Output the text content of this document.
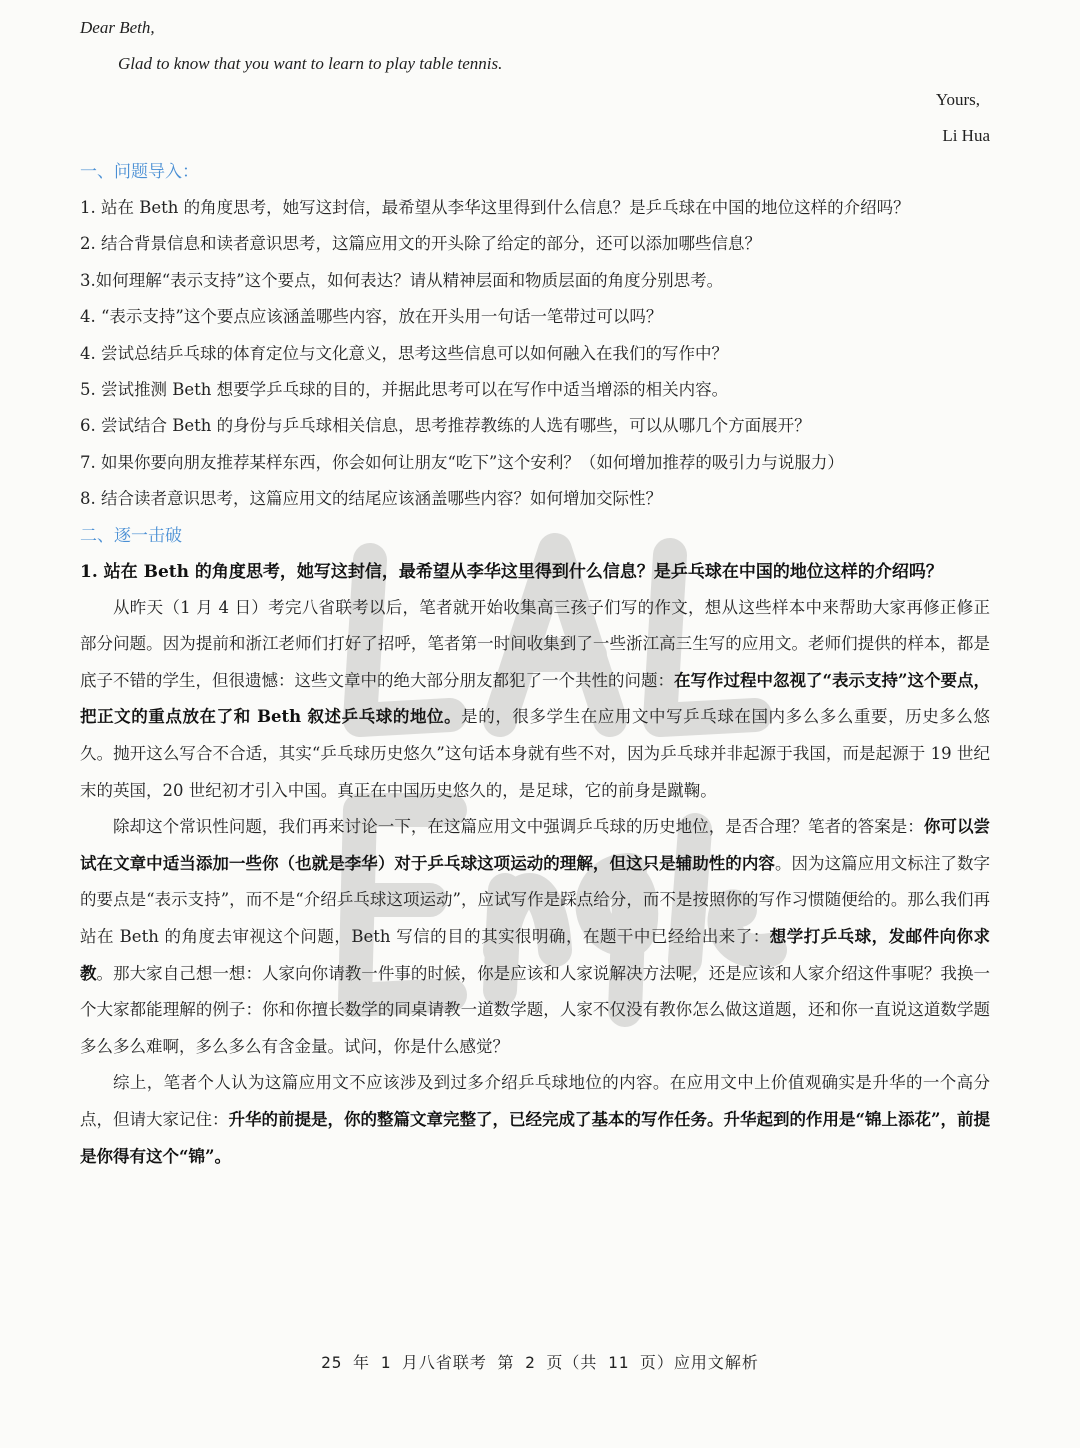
Dear Beth,
Glad to know that you want to learn to play table tennis.
Yours,
Li Hua
一、问题导入：
1. 站在 Beth 的角度思考，她写这封信，最希望从李华这里得到什么信息？是乒乓球在中国的地位这样的介绍吗？
2. 结合背景信息和读者意识思考，这篇应用文的开头除了给定的部分，还可以添加哪些信息？
3.如何理解“表示支持”这个要点，如何表达？请从精神层面和物质层面的角度分别思考。
4. “表示支持”这个要点应该涵盖哪些内容，放在开头用一句话一笔带过可以吗？
4. 尝试总结乒乓球的体育定位与文化意义，思考这些信息可以如何融入在我们的写作中？
5. 尝试推测 Beth 想要学乒乓球的目的，并据此思考可以在写作中适当增添的相关内容。
6. 尝试结合 Beth 的身份与乒乓球相关信息，思考推荐教练的人选有哪些，可以从哪几个方面展开？
7. 如果你要向朋友推荐某样东西，你会如何让朋友“吃下”这个安利？（如何增加推荐的吸引力与说服力）
8. 结合读者意识思考，这篇应用文的结尾应该涵盖哪些内容？如何增加交际性？
二、逐一击破
1. 站在 Beth 的角度思考，她写这封信，最希望从李华这里得到什么信息？是乒乓球在中国的地位这样的介绍吗？
从昨天（1 月 4 日）考完八省联考以后，笔者就开始收集高三孩子们写的作文，想从这些样本中来帮助大家再修正修正部分问题。因为提前和浙江老师们打好了招呼，笔者第一时间收集到了一些浙江高三生写的应用文。老师们提供的样本，都是底子不错的学生，但很遗憾：这些文章中的绝大部分朋友都犯了一个共性的问题：在写作过程中忽视了“表示支持”这个要点，把正文的重点放在了和 Beth 叙述乒乓球的地位。是的，很多学生在应用文中写乒乓球在国内多么多么重要，历史多么悠久。抛开这么写合不合适，其实“乒乓球历史悠久”这句话本身就有些不对，因为乒乓球并非起源于我国，而是起源于 19 世纪末的英国，20 世纪初才引入中国。真正在中国历史悠久的，是足球，它的前身是蹴鞠。
除却这个常识性问题，我们再来讨论一下，在这篇应用文中强调乒乓球的历史地位，是否合理？笔者的答案是：你可以尝试在文章中适当添加一些你（也就是李华）对于乒乓球这项运动的理解，但这只是辅助性的内容。因为这篇应用文标注了数字的要点是“表示支持”，而不是“介绍乒乓球这项运动”，应试写作是踩点给分，而不是按照你的写作习惯随便给的。那么我们再站在 Beth 的角度去审视这个问题，Beth 写信的目的其实很明确，在题干中已经给出来了：想学打乒乓球，发邮件向你求教。那大家自己想一想：人家向你请教一件事的时候，你是应该和人家说解决方法呢，还是应该和人家介绍这件事呢？我换一个大家都能理解的例子：你和你擅长数学的同桌请教一道数学题，人家不仅没有教你怎么做这道题，还和你一直说这道数学题多么多么难啊，多么多么有含金量。试问，你是什么感觉？
综上，笔者个人认为这篇应用文不应该涉及到过多介绍乒乓球地位的内容。在应用文中上价值观确实是升华的一个高分点，但请大家记住：升华的前提是，你的整篇文章完整了，已经完成了基本的写作任务。升华起到的作用是“锦上添花”，前提是你得有这个“锦”。
25 年 1 月八省联考 第 2 页（共 11 页）应用文解析
